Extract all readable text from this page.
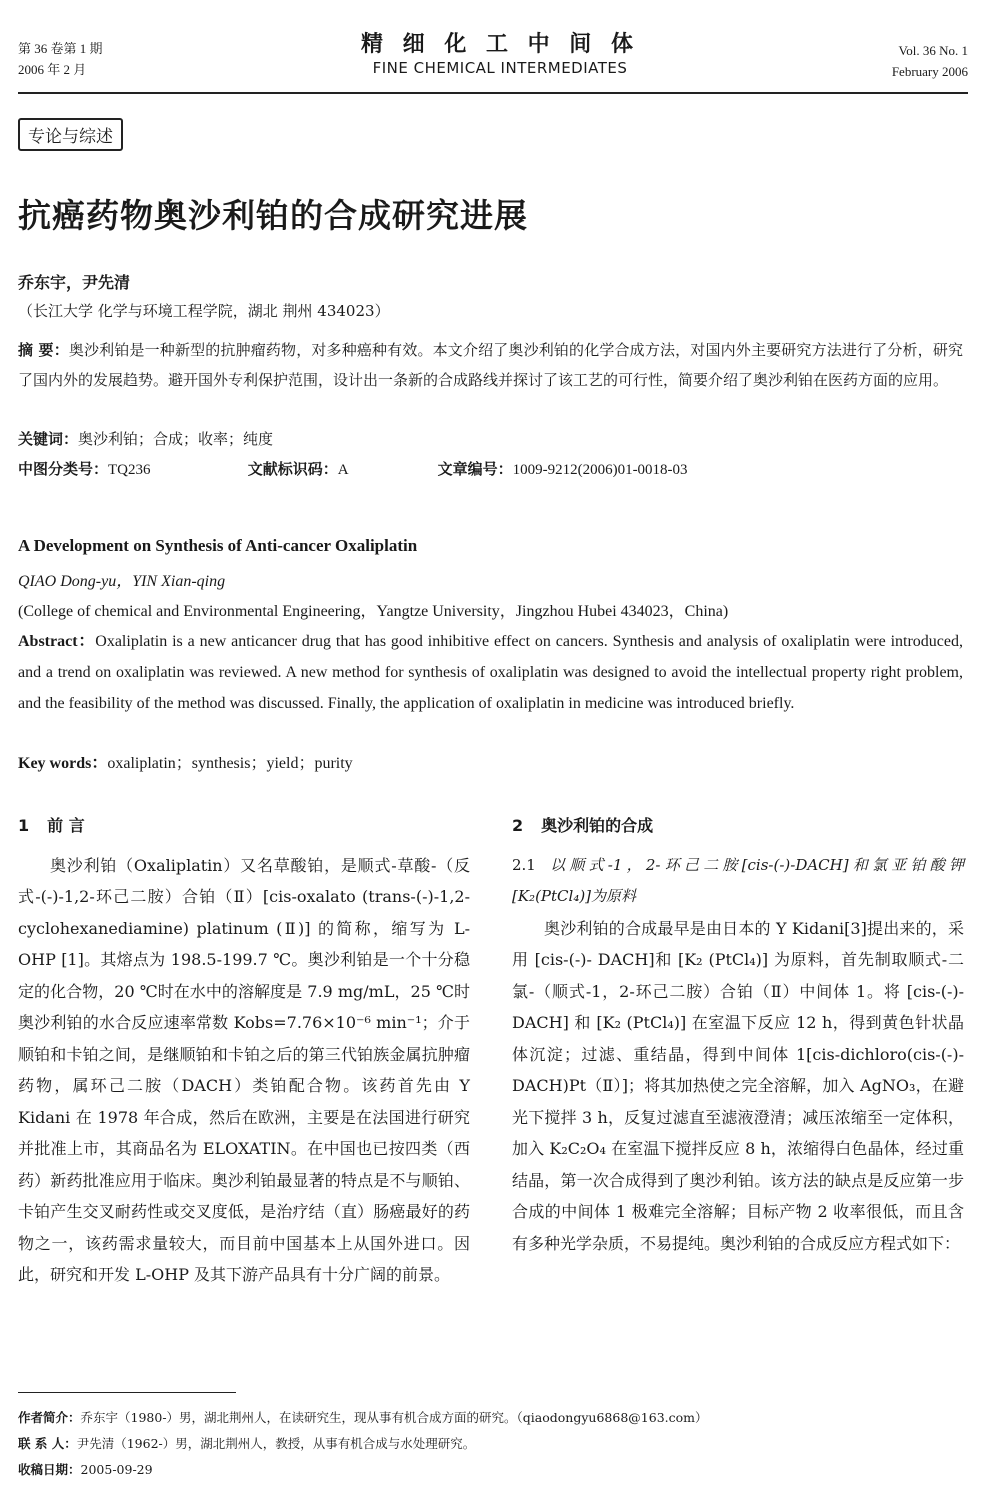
第 36 卷第 1 期
2006 年 2 月
精 细 化 工 中 间 体
FINE CHEMICAL INTERMEDIATES
Vol. 36 No. 1
February 2006
专论与综述
抗癌药物奥沙利铂的合成研究进展
乔东宇，尹先清
（长江大学 化学与环境工程学院，湖北 荆州 434023）
摘 要：奥沙利铂是一种新型的抗肿瘤药物，对多种癌种有效。本文介绍了奥沙利铂的化学合成方法，对国内外主要研究方法进行了分析，研究了国内外的发展趋势。避开国外专利保护范围，设计出一条新的合成路线并探讨了该工艺的可行性，简要介绍了奥沙利铂在医药方面的应用。
关键词：奥沙利铂；合成；收率；纯度
中图分类号：TQ236	文献标识码：A	文章编号：1009-9212(2006)01-0018-03
A Development on Synthesis of Anti-cancer Oxaliplatin
QIAO Dong-yu，YIN Xian-qing
(College of chemical and Environmental Engineering，Yangtze University，Jingzhou Hubei 434023，China)
Abstract：Oxaliplatin is a new anticancer drug that has good inhibitive effect on cancers. Synthesis and analysis of oxaliplatin were introduced, and a trend on oxaliplatin was reviewed. A new method for synthesis of oxaliplatin was designed to avoid the intellectual property right problem, and the feasibility of the method was discussed. Finally, the application of oxaliplatin in medicine was introduced briefly.
Key words：oxaliplatin；synthesis；yield；purity
1 前 言

奥沙利铂（Oxaliplatin）又名草酸铂，是顺式-草酸-（反式-(-)-1,2-环己二胺）合铂（Ⅱ）[cis-oxalato (trans-(-)-1,2-cyclohexanediamine) platinum (Ⅱ)] 的简称，缩写为 L-OHP [1]。其熔点为 198.5-199.7 ℃。奥沙利铂是一个十分稳定的化合物，20 ℃时在水中的溶解度是 7.9 mg/mL，25 ℃时奥沙利铂的水合反应速率常数 Kobs=7.76×10⁻⁶ min⁻¹；介于顺铂和卡铂之间，是继顺铂和卡铂之后的第三代铂族金属抗肿瘤药物，属环己二胺（DACH）类铂配合物。该药首先由 Y Kidani 在 1978 年合成，然后在欧洲，主要是在法国进行研究并批准上市，其商品名为 ELOXATIN。在中国也已按四类（西药）新药批准应用于临床。奥沙利铂最显著的特点是不与顺铂、卡铂产生交叉耐药性或交叉度低，是治疗结（直）肠癌最好的药物之一，该药需求量较大，而目前中国基本上从国外进口。因此，研究和开发 L-OHP 及其下游产品具有十分广阔的前景。

2 奥沙利铂的合成

2.1 以顺式-1，2-环己二胺[cis-(-)-DACH]和氯亚铂酸钾[K₂(PtCl₄)]为原料

奥沙利铂的合成最早是由日本的 Y Kidani[3]提出来的，采用 [cis-(-)- DACH]和 [K₂ (PtCl₄)] 为原料，首先制取顺式-二氯-（顺式-1，2-环己二胺）合铂（Ⅱ）中间体 1。将 [cis-(-)-DACH] 和 [K₂ (PtCl₄)] 在室温下反应 12 h，得到黄色针状晶体沉淀；过滤、重结晶，得到中间体 1[cis-dichloro(cis-(-)-DACH)Pt（Ⅱ）]；将其加热使之完全溶解，加入 AgNO₃，在避光下搅拌 3 h，反复过滤直至滤液澄清；减压浓缩至一定体积，加入 K₂C₂O₄ 在室温下搅拌反应 8 h，浓缩得白色晶体，经过重结晶，第一次合成得到了奥沙利铂。该方法的缺点是反应第一步合成的中间体 1 极难完全溶解；目标产物 2 收率很低，而且含有多种光学杂质，不易提纯。奥沙利铂的合成反应方程式如下：

作者简介：乔东宇（1980-）男，湖北荆州人，在读研究生，现从事有机合成方面的研究。（qiaodongyu6868@163.com）
联 系 人：尹先清（1962-）男，湖北荆州人，教授，从事有机合成与水处理研究。
收稿日期：2005-09-29
